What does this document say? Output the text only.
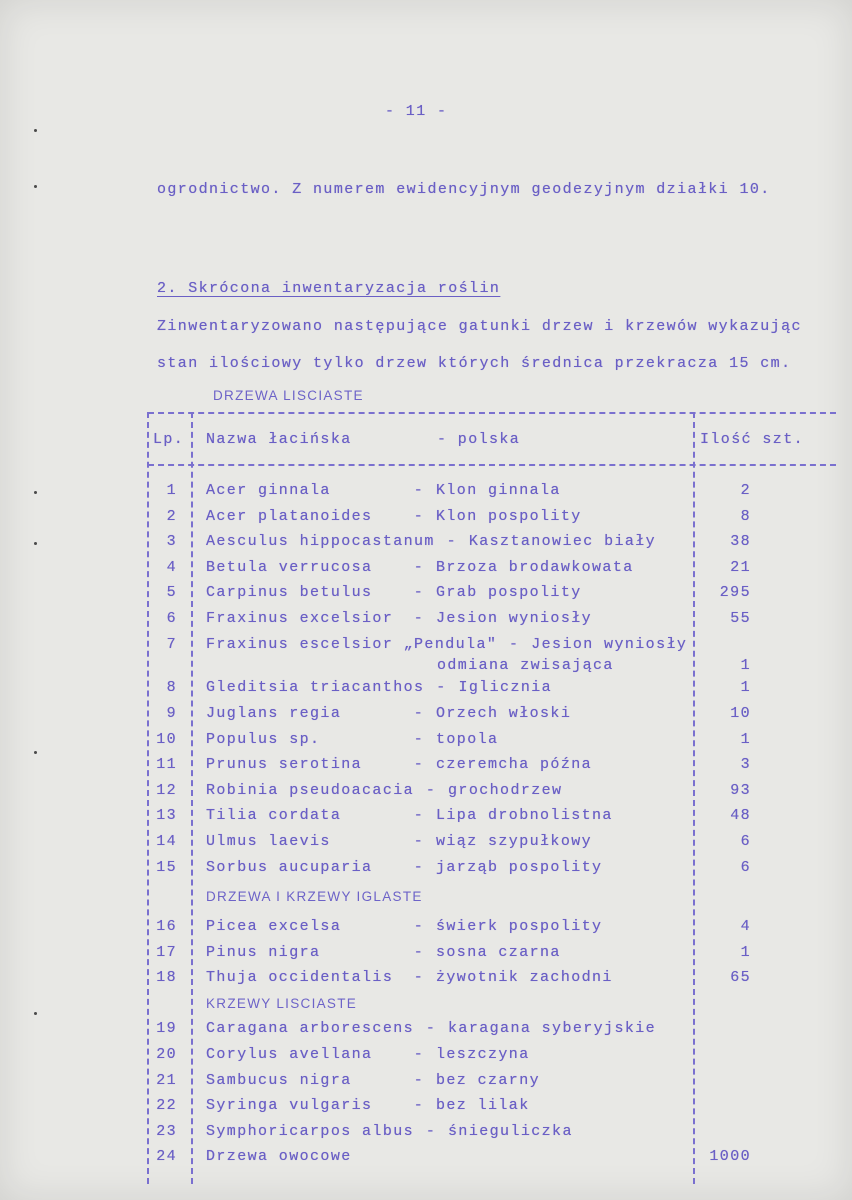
- 11 -
ogrodnictwo. Z numerem ewidencyjnym geodezyjnym działki 10.
2. Skrócona inwentaryzacja roślin
Zinwentaryzowano następujące gatunki drzew i krzewów wykazując
stan ilościowy tylko drzew których średnica przekracza 15 cm.
DRZEWA LISCIASTE
Lp.	Nazwa łacińska	- polska	Ilość szt.
1	Acer ginnala	- Klon ginnala	2
2	Acer platanoides	- Klon pospolity	8
3	Aesculus hippocastanum - Kasztanowiec biały	38
4	Betula verrucosa	- Brzoza brodawkowata	21
5	Carpinus betulus	- Grab pospolity	295
6	Fraxinus excelsior - Jesion wyniosły	55
7	Fraxinus escelsior „Pendula" - Jesion wyniosły
odmiana zwisająca	1
8	Gleditsia triacanthos - Iglicznia	1
9	Juglans regia	- Orzech włoski	10
10	Populus sp.	- topola	1
11	Prunus serotina	- czeremcha późna	3
12	Robinia pseudoacacia - grochodrzew	93
13	Tilia cordata	- Lipa drobnolistna	48
14	Ulmus laevis	- wiąz szypułkowy	6
15	Sorbus aucuparia	- jarząb pospolity	6
DRZEWA I KRZEWY IGLASTE
16	Picea excelsa	- świerk pospolity	4
17	Pinus nigra	- sosna czarna	1
18	Thuja occidentalis - żywotnik zachodni	65
KRZEWY LISCIASTE
19	Caragana arborescens - karagana syberyjskie
20	Corylus avellana	- leszczyna
21	Sambucus nigra	- bez czarny
22	Syringa vulgaris	- bez lilak
23	Symphoricarpos albus - śnieguliczka
24	Drzewa owocowe	1000
